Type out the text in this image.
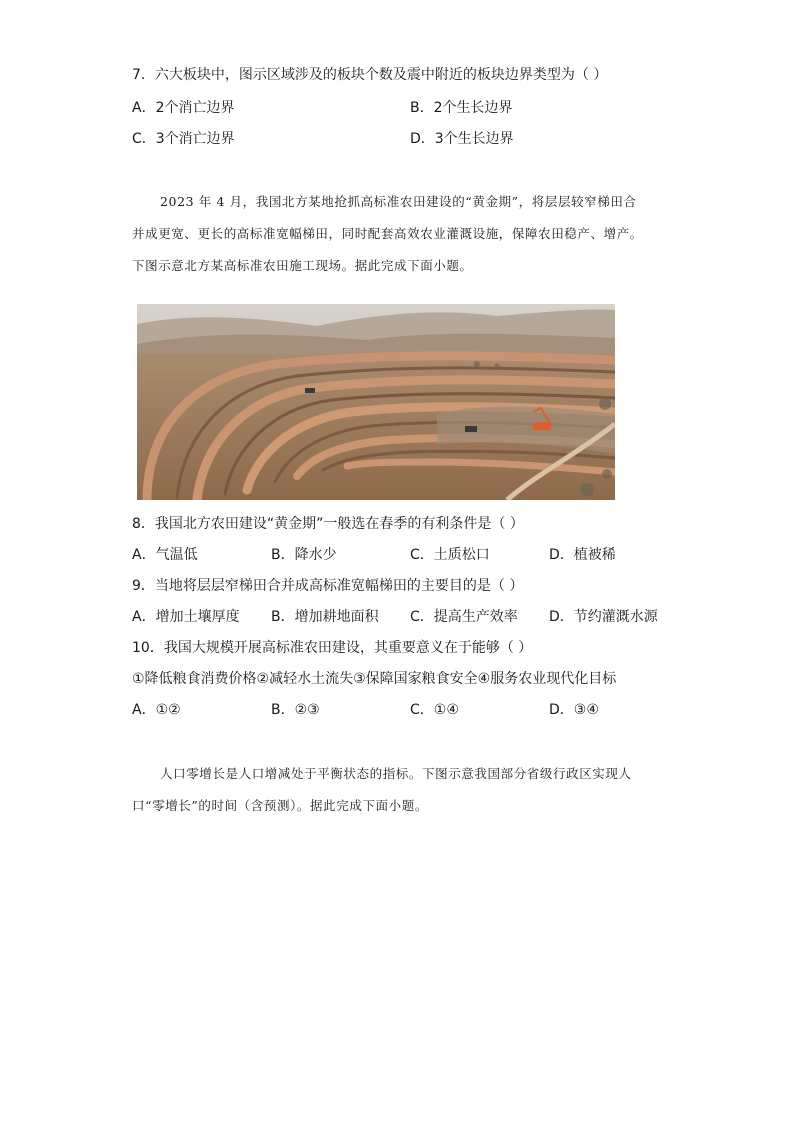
7．六大板块中，图示区域涉及的板块个数及震中附近的板块边界类型为（ ）
A．2个消亡边界	B．2个生长边界
C．3个消亡边界	D．3个生长边界
2023 年 4 月，我国北方某地抢抓高标准农田建设的“黄金期”，将层层较窄梯田合
并成更宽、更长的高标准宽幅梯田，同时配套高效农业灌溉设施，保障农田稳产、增产。
下图示意北方某高标准农田施工现场。据此完成下面小题。
8．我国北方农田建设“黄金期”一般选在春季的有利条件是（ ）
A．气温低	B．降水少	C．土质松口	D．植被稀
9．当地将层层窄梯田合并成高标准宽幅梯田的主要目的是（ ）
A．增加土壤厚度 B．增加耕地面积 C．提高生产效率 D．节约灌溉水源
10．我国大规模开展高标准农田建设，其重要意义在于能够（ ）
①降低粮食消费价格②减轻水土流失③保障国家粮食安全④服务农业现代化目标
A．①②	B．②③	C．①④	D．③④
人口零增长是人口增减处于平衡状态的指标。下图示意我国部分省级行政区实现人
口“零增长”的时间（含预测）。据此完成下面小题。
